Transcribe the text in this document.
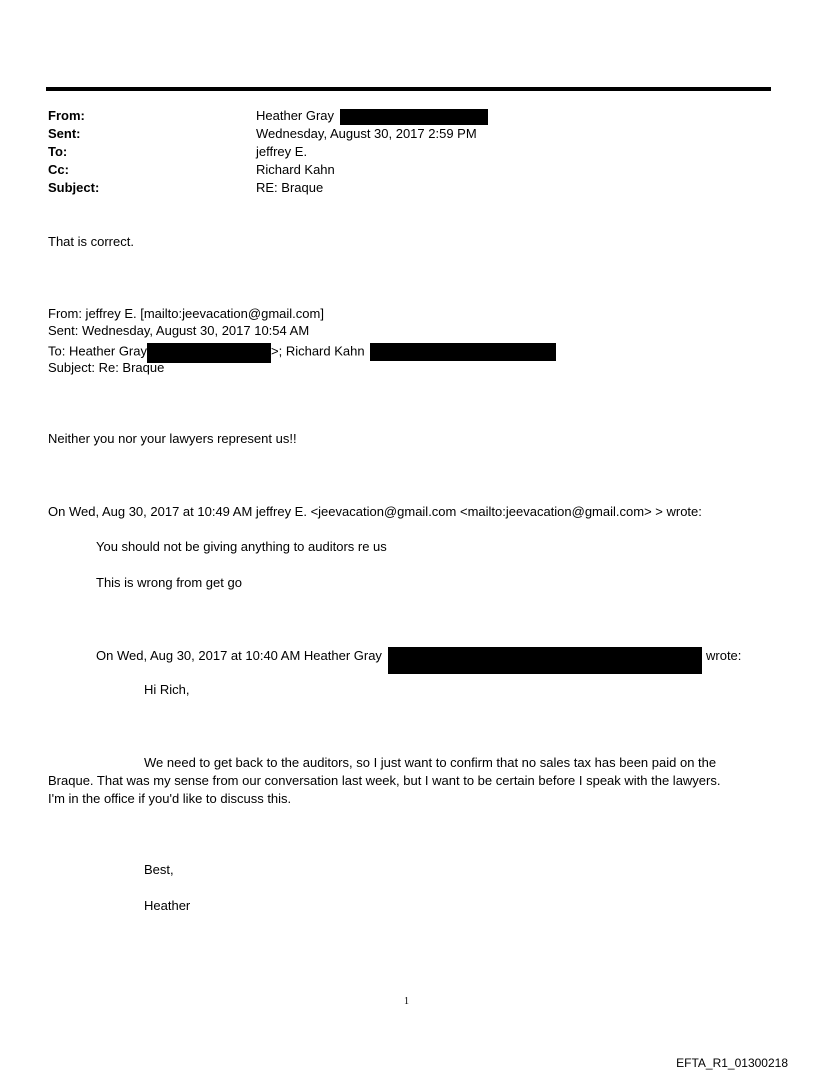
From:	Heather Gray
Sent:	Wednesday, August 30, 2017 2:59 PM
To:	jeffrey E.
Cc:	Richard Kahn
Subject:	RE: Braque
That is correct.
From: jeffrey E. [mailto:jeevacation@gmail.com]
Sent: Wednesday, August 30, 2017 10:54 AM
To: Heather Gray	>; Richard Kahn
Subject: Re: Braque
Neither you nor your lawyers represent us!!
On Wed, Aug 30, 2017 at 10:49 AM jeffrey E. <jeevacation@gmail.com <mailto:jeevacation@gmail.com> > wrote:
You should not be giving anything to auditors re us
This is wrong from get go
On Wed, Aug 30, 2017 at 10:40 AM Heather Gray	wrote:
Hi Rich,
We need to get back to the auditors, so I just want to confirm that no sales tax has been paid on the
Braque. That was my sense from our conversation last week, but I want to be certain before I speak with the lawyers.
I'm in the office if you'd like to discuss this.
Best,
Heather
1
EFTA_R1_01300218
